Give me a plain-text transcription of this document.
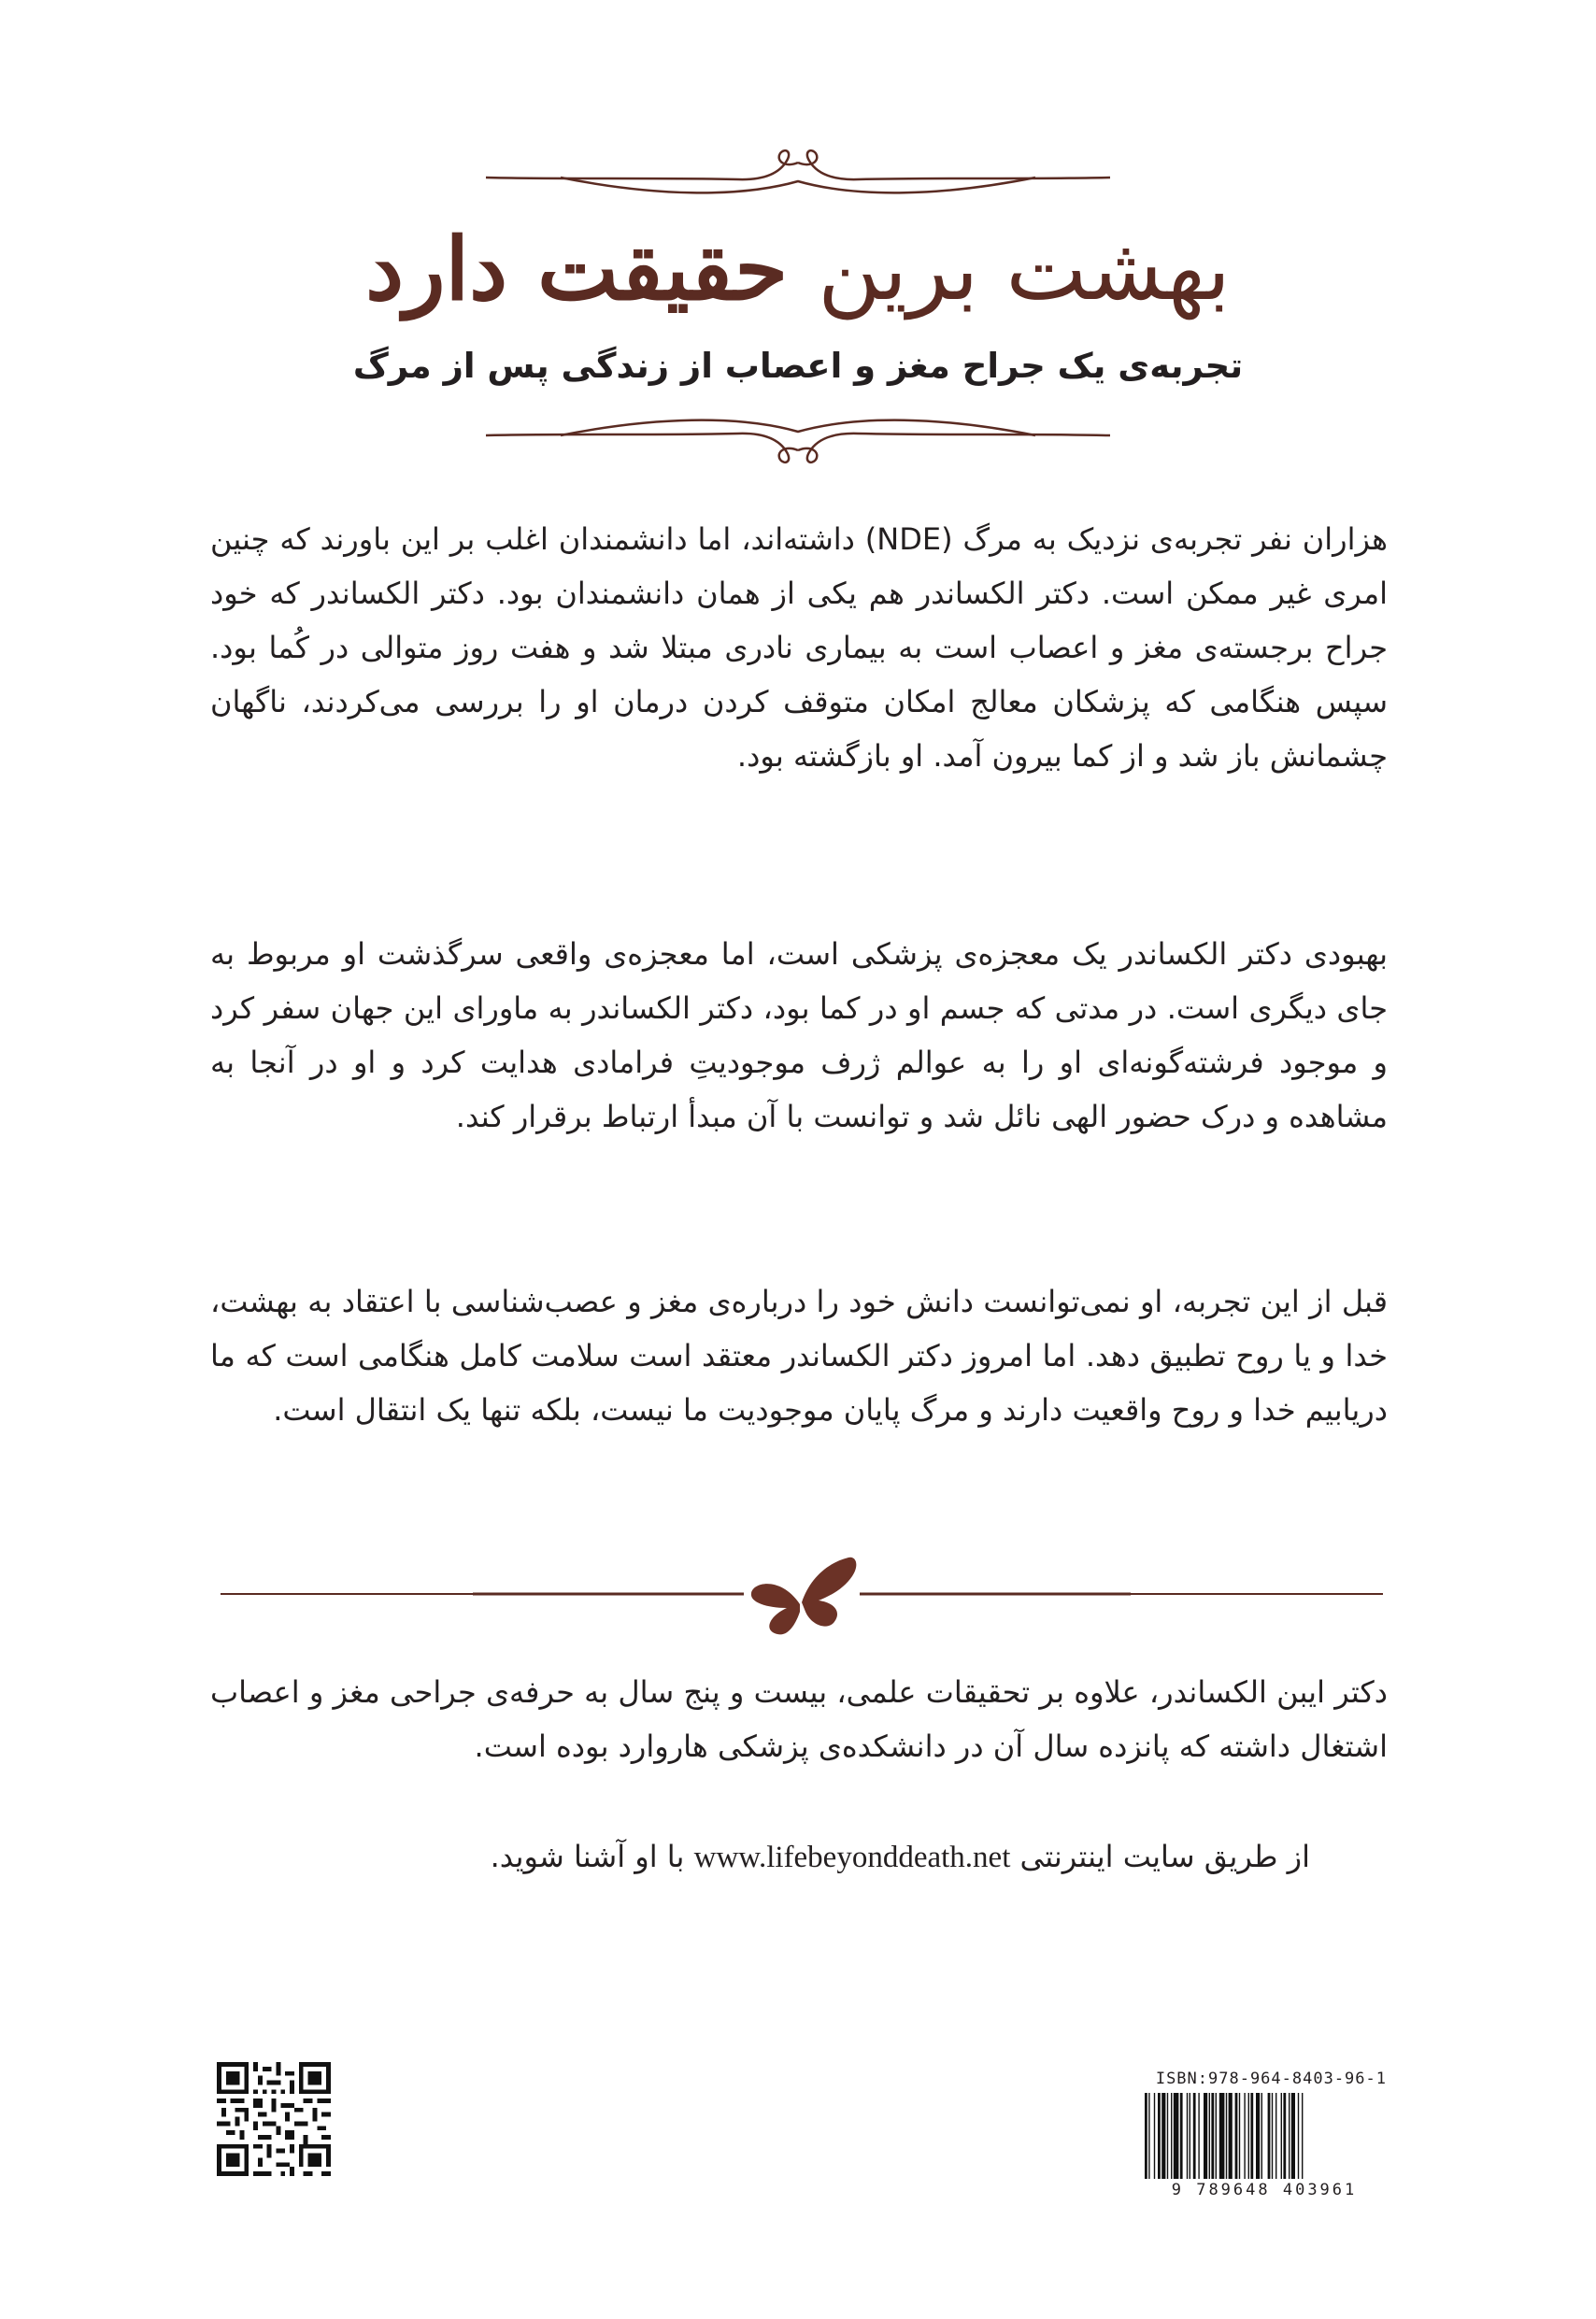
بهشت برین حقیقت دارد
تجربه‌ی یک جراح مغز و اعصاب از زندگی پس از مرگ
هزاران نفر تجربه‌ی نزدیک به مرگ (NDE) داشته‌اند، اما دانشمندان اغلب بر این باورند که چنین امری غیر ممکن است. دکتر الکساندر هم یکی از همان دانشمندان بود. دکتر الکساندر که خود جراح برجسته‌ی مغز و اعصاب است به بیماری نادری مبتلا شد و هفت روز متوالی در کُما بود. سپس هنگامی که پزشکان معالج امکان متوقف کردن درمان او را بررسی می‌کردند، ناگهان چشمانش باز شد و از کما بیرون آمد. او بازگشته بود.
بهبودی دکتر الکساندر یک معجزه‌ی پزشکی است، اما معجزه‌ی واقعی سرگذشت او مربوط به جای دیگری است. در مدتی که جسم او در کما بود، دکتر الکساندر به ماورای این جهان سفر کرد و موجود فرشته‌گونه‌ای او را به عوالم ژرف موجودیتِ فرامادی هدایت کرد و او در آنجا به مشاهده و درک حضور الهی نائل شد و توانست با آن مبدأ ارتباط برقرار کند.
قبل از این تجربه، او نمی‌توانست دانش خود را درباره‌ی مغز و عصب‌شناسی با اعتقاد به بهشت، خدا و یا روح تطبیق دهد. اما امروز دکتر الکساندر معتقد است سلامت کامل هنگامی است که ما دریابیم خدا و روح واقعیت دارند و مرگ پایان موجودیت ما نیست، بلکه تنها یک انتقال است.
دکتر ایبن الکساندر، علاوه بر تحقیقات علمی، بیست و پنج سال به حرفه‌ی جراحی مغز و اعصاب اشتغال داشته که پانزده سال آن در دانشکده‌ی پزشکی هاروارد بوده است.
از طریق سایت اینترنتی www.lifebeyonddeath.net با او آشنا شوید.
ISBN:978-964-8403-96-1
9 789648 403961
